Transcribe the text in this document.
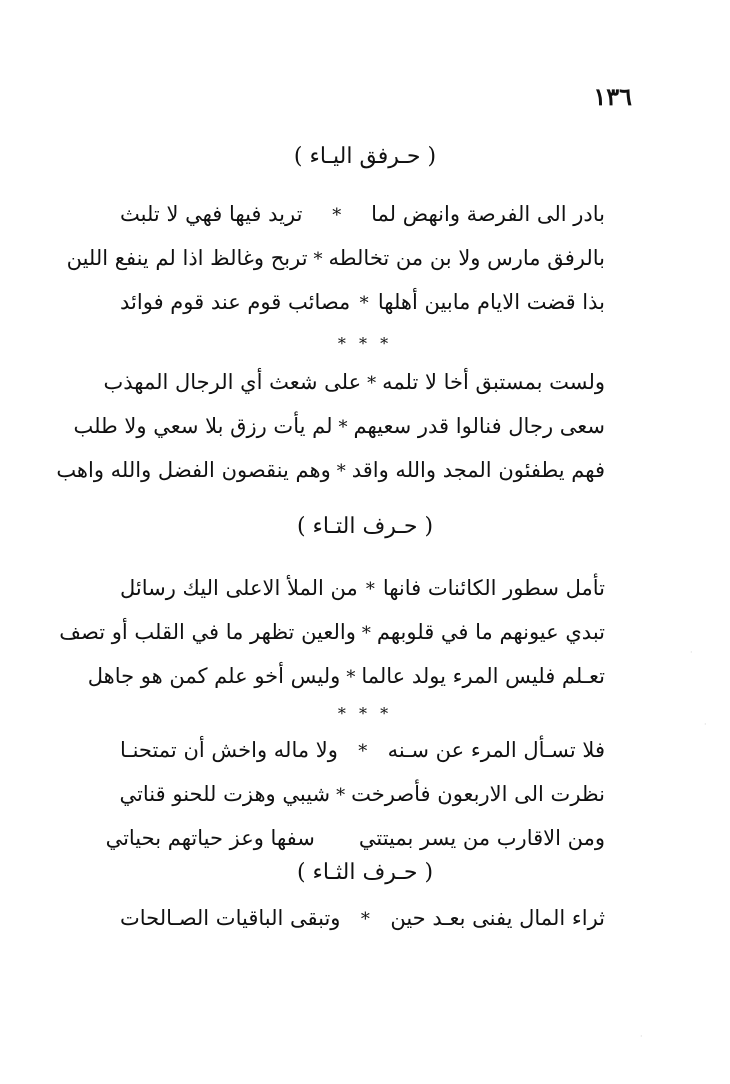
١٣٦
( حـرفق اليـاء )
بادر الى الفرصة وانهض لما
*
تريد فيها فهي لا تلبث
بالرفق مارس ولا بن من تخالطه
*
تربح وغالظ اذا لم ينفع اللين
بذا قضت الايام مابين أهلها
*
مصائب قوم عند قوم فوائد
* * *
ولست بمستبق أخا لا تلمه
*
على شعث أي الرجال المهذب
سعى رجال فنالوا قدر سعيهم
*
لم يأت رزق بلا سعي ولا طلب
فهم يطفئون المجد والله واقد
*
وهم ينقصون الفضل والله واهب
( حـرف التـاء )
تأمل سطور الكائنات فانها
*
من الملأ الاعلى اليك رسائل
تبدي عيونهم ما في قلوبهم
*
والعين تظهر ما في القلب أو تصف
تعـلم فليس المرء يولد عالما
*
وليس أخو علم كمن هو جاهل
* * *
فلا تسـأل المرء عن سـنه
*
ولا ماله واخش أن تمتحنـا
نظرت الى الاربعون فأصرخت
*
شيبي وهزت للحنو قناتي
ومن الاقارب من يسر بميتتي
سفها وعز حياتهم بحياتي
( حـرف الثـاء )
ثراء المال يفنى بعـد حين
*
وتبقى الباقيات الصـالحات
·
·
·
